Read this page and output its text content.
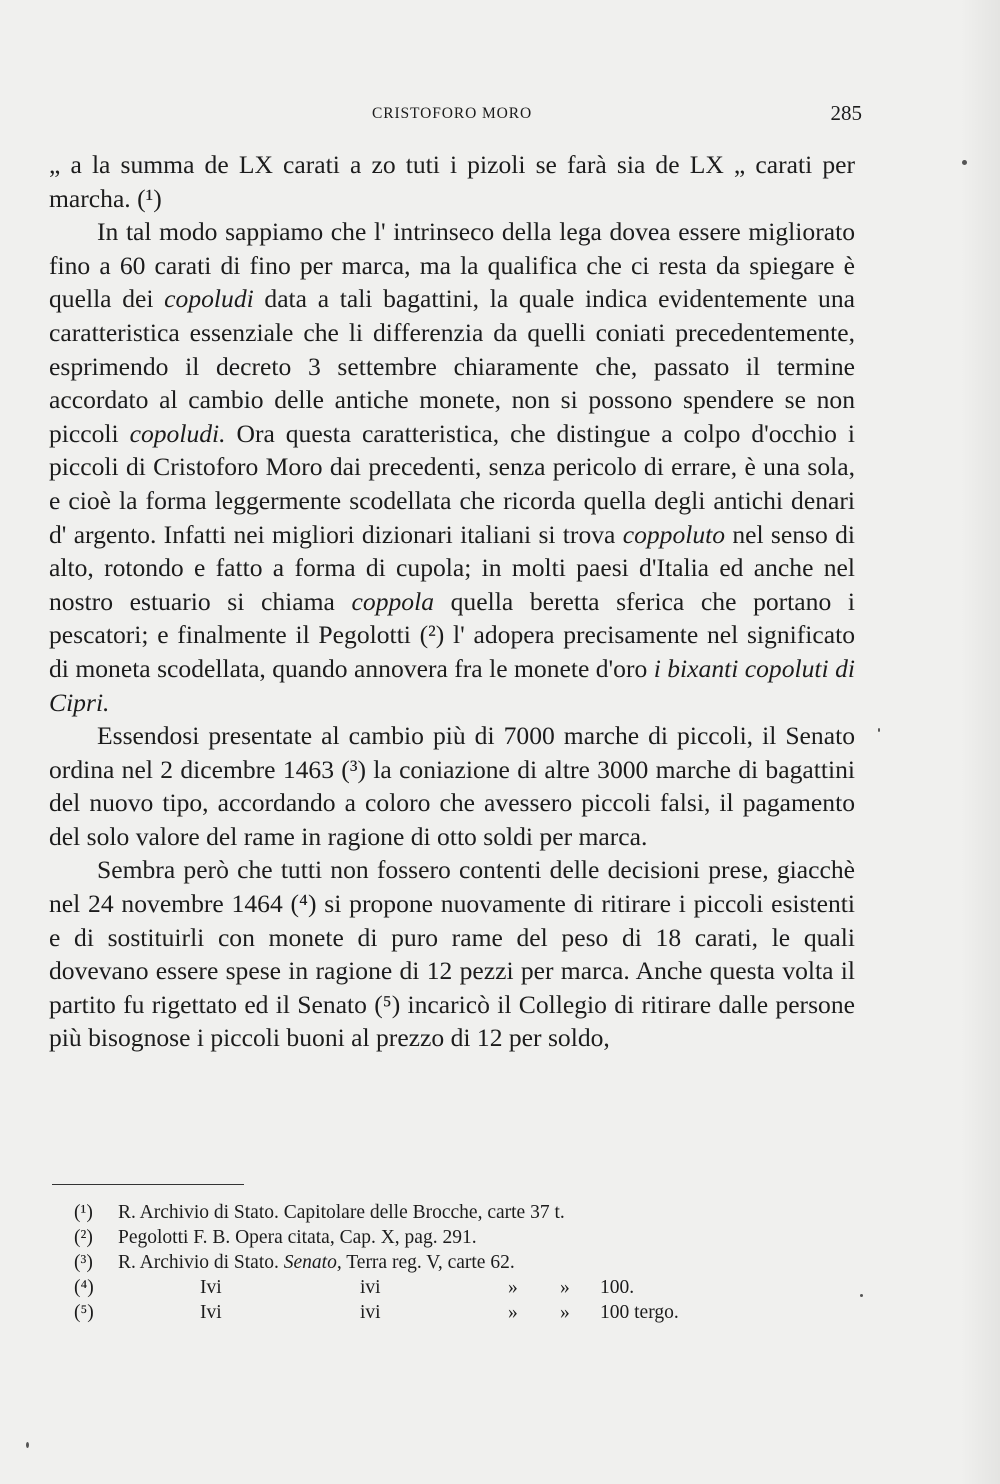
CRISTOFORO MORO	285

„ a la summa de LX carati a zo tuti i pizoli se farà sia de LX „ carati per marcha. (¹)

In tal modo sappiamo che l' intrinseco della lega dovea essere migliorato fino a 60 carati di fino per marca, ma la qualifica che ci resta da spiegare è quella dei copoludi data a tali bagattini, la quale indica evidentemente una caratteristica essenziale che li differenzia da quelli coniati precedentemente, esprimendo il decreto 3 settembre chiaramente che, passato il termine accordato al cambio delle antiche monete, non si possono spendere se non piccoli copoludi. Ora questa caratteristica, che distingue a colpo d'occhio i piccoli di Cristoforo Moro dai precedenti, senza pericolo di errare, è una sola, e cioè la forma leggermente scodellata che ricorda quella degli antichi denari d' argento. Infatti nei migliori dizionari italiani si trova coppoluto nel senso di alto, rotondo e fatto a forma di cupola; in molti paesi d'Italia ed anche nel nostro estuario si chiama coppola quella beretta sferica che portano i pescatori; e finalmente il Pegolotti (²) l' adopera precisamente nel significato di moneta scodellata, quando annovera fra le monete d'oro i bixanti copoluti di Cipri.

Essendosi presentate al cambio più di 7000 marche di piccoli, il Senato ordina nel 2 dicembre 1463 (³) la coniazione di altre 3000 marche di bagattini del nuovo tipo, accordando a coloro che avessero piccoli falsi, il pagamento del solo valore del rame in ragione di otto soldi per marca.

Sembra però che tutti non fossero contenti delle decisioni prese, giacchè nel 24 novembre 1464 (⁴) si propone nuovamente di ritirare i piccoli esistenti e di sostituirli con monete di puro rame del peso di 18 carati, le quali dovevano essere spese in ragione di 12 pezzi per marca. Anche questa volta il partito fu rigettato ed il Senato (⁵) incaricò il Collegio di ritirare dalle persone più bisognose i piccoli buoni al prezzo di 12 per soldo,

(¹)	R. Archivio di Stato. Capitolare delle Brocche, carte 37 t.
(²)	Pegolotti F. B. Opera citata, Cap. X, pag. 291.
(³)	R. Archivio di Stato. Senato, Terra reg. V, carte 62.
(⁴)	Ivi	ivi	» » 100.
(⁵)	Ivi	ivi	» » 100 tergo.
